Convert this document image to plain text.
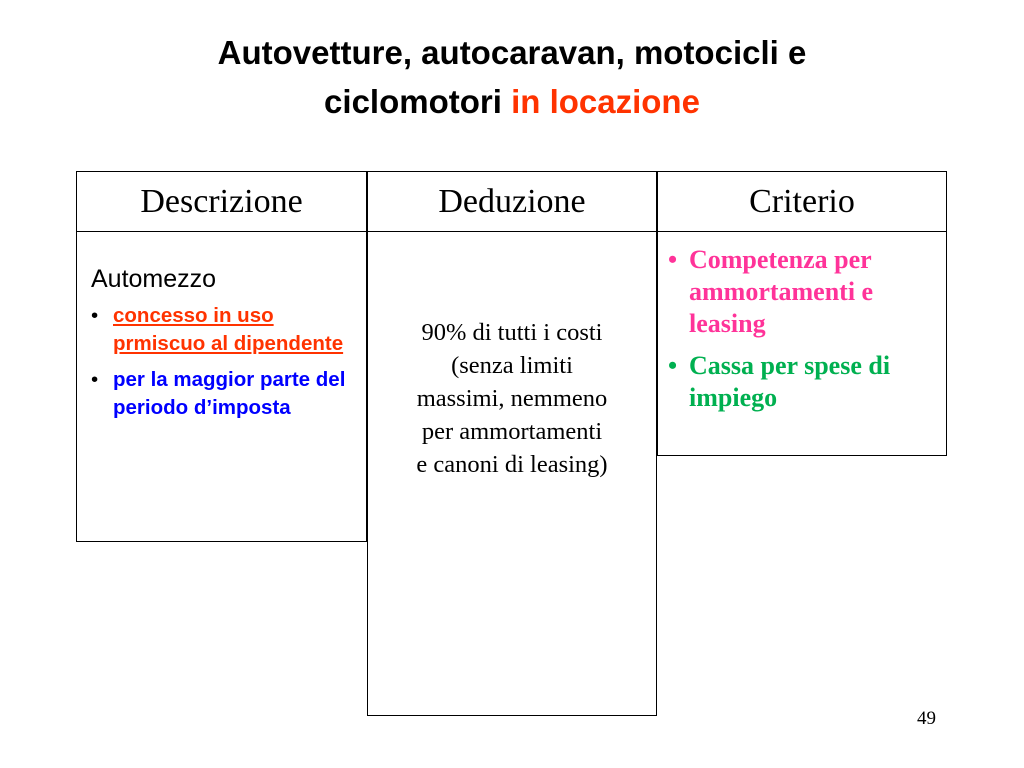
Autovetture, autocaravan, motocicli e
ciclomotori in locazione
Descrizione	Deduzione	Criterio
Automezzo
• concesso in uso prmiscuo al dipendente
• per la maggior parte del periodo d’imposta
90% di tutti i costi
(senza limiti
massimi, nemmeno
per ammortamenti
e canoni di leasing)
• Competenza per ammortamenti e leasing
• Cassa per spese di impiego
49
